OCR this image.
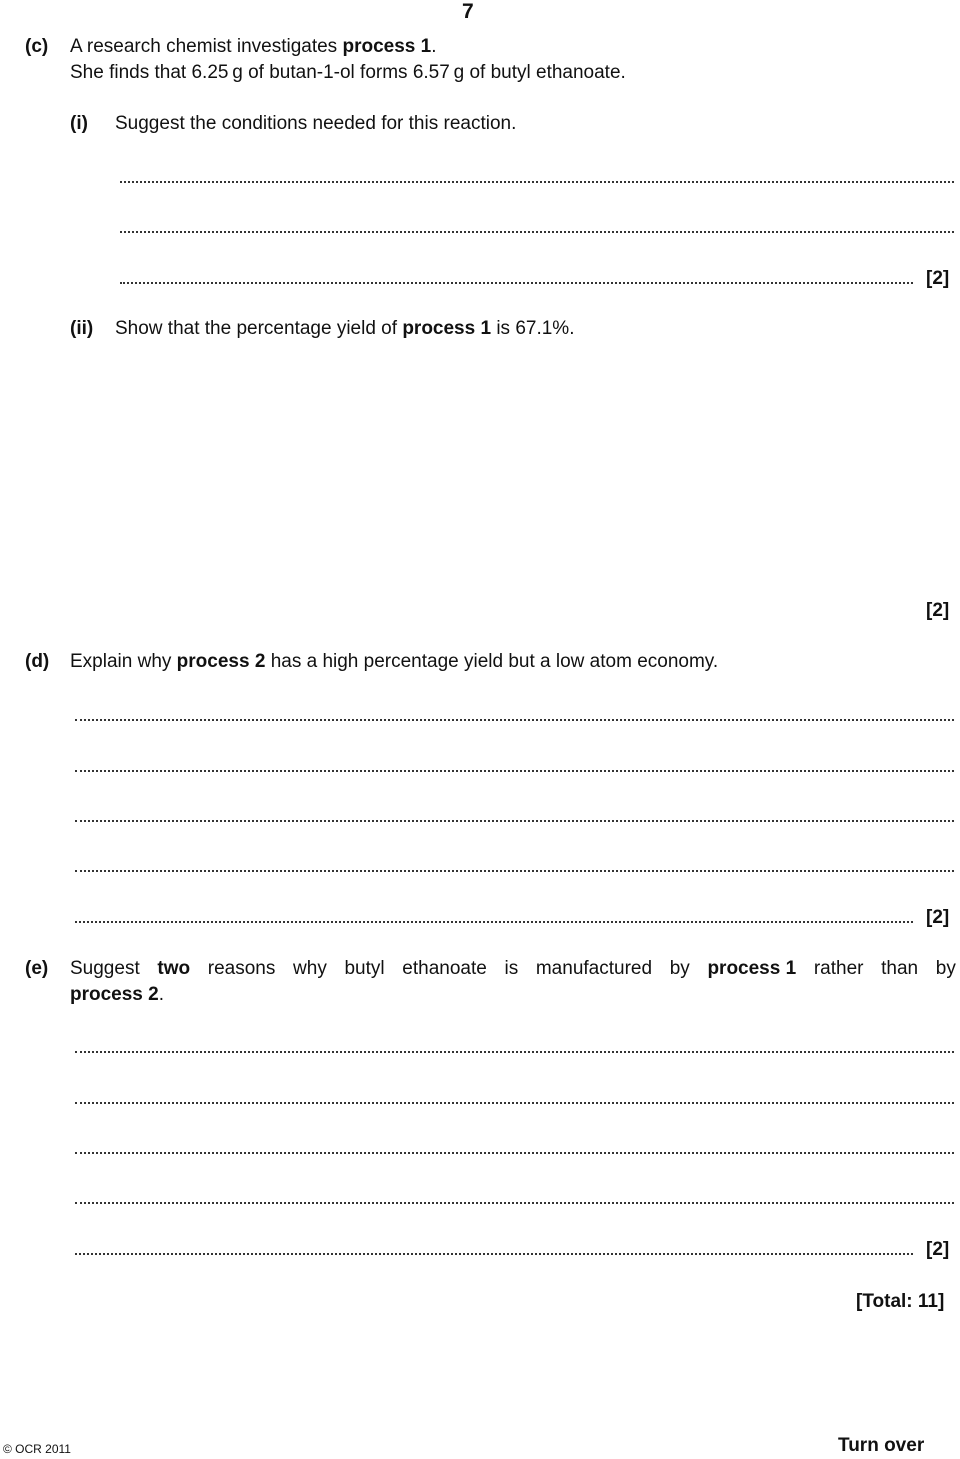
7
(c) A research chemist investigates process 1.
She finds that 6.25 g of butan-1-ol forms 6.57 g of butyl ethanoate.
(i) Suggest the conditions needed for this reaction.
[2]
(ii) Show that the percentage yield of process 1 is 67.1%.
[2]
(d) Explain why process 2 has a high percentage yield but a low atom economy.
[2]
(e) Suggest two reasons why butyl ethanoate is manufactured by process 1 rather than by
process 2.
[2]
[Total: 11]
© OCR 2011	Turn over
